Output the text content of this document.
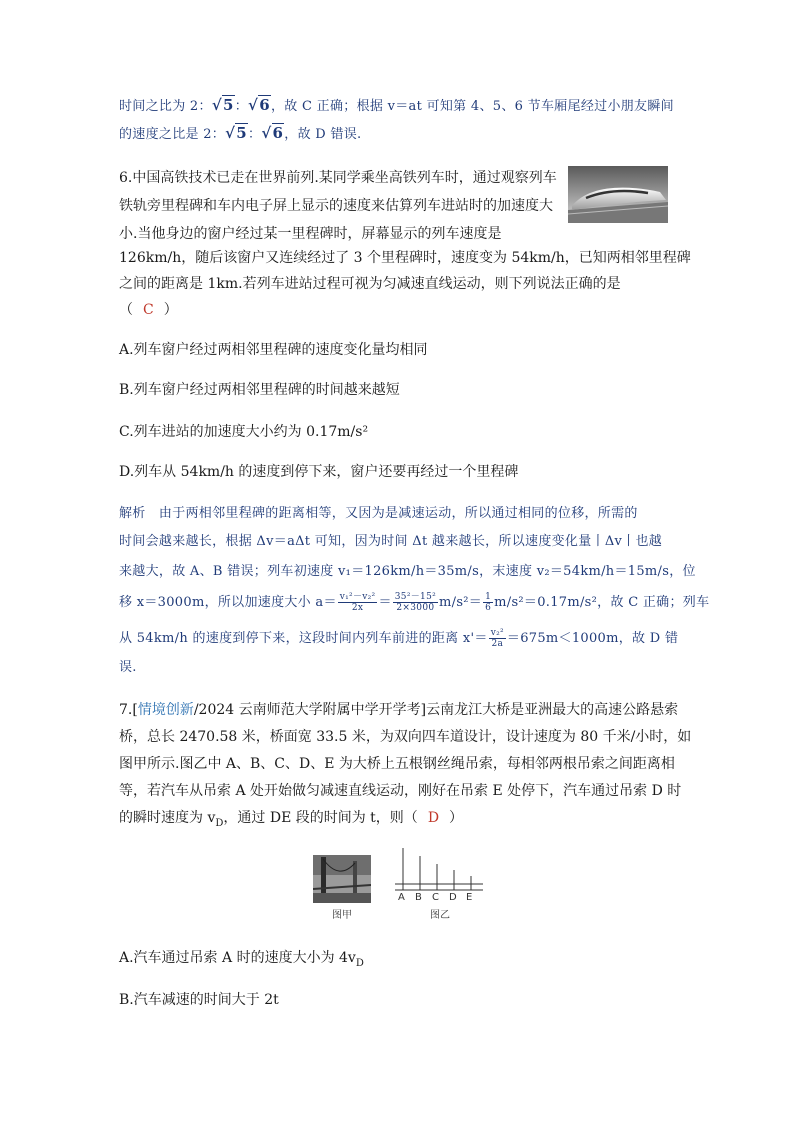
时间之比为 2：√5：√6，故 C 正确；根据 v＝at 可知第 4、5、6 节车厢尾经过小朋友瞬间
的速度之比是 2：√5：√6，故 D 错误.
6.中国高铁技术已走在世界前列.某同学乘坐高铁列车时，通过观察列车
铁轨旁里程碑和车内电子屏上显示的速度来估算列车进站时的加速度大
小.当他身边的窗户经过某一里程碑时，屏幕显示的列车速度是
126km/h，随后该窗户又连续经过了 3 个里程碑时，速度变为 54km/h，已知两相邻里程碑
之间的距离是 1km.若列车进站过程可视为匀减速直线运动，则下列说法正确的是
（ C ）
A.列车窗户经过两相邻里程碑的速度变化量均相同
B.列车窗户经过两相邻里程碑的时间越来越短
C.列车进站的加速度大小约为 0.17m/s²
D.列车从 54km/h 的速度到停下来，窗户还要再经过一个里程碑
解析　由于两相邻里程碑的距离相等，又因为是减速运动，所以通过相同的位移，所需的
时间会越来越长，根据 Δv＝aΔt 可知，因为时间 Δt 越来越长，所以速度变化量丨Δv丨也越
来越大，故 A、B 错误；列车初速度 v₁＝126km/h＝35m/s，末速度 v₂＝54km/h＝15m/s，位
移 x＝3000m，所以加速度大小 $a= \frac{\text{v₁²－v₂²}}{2x} = \frac{\text{35²－15²}}{2\times 3000} m/s^2= \frac{1}{6} m/s^2=0.17m/s^2$，故 C 正确；列车
从 54km/h 的速度到停下来，这段时间内列车前进的距离 $x'= \frac{\text{v₂²}}{2a} =675m<1000m$，故 D 错
误.
7.[情境创新/2024 云南师范大学附属中学开学考]云南龙江大桥是亚洲最大的高速公路悬索
桥，总长 2470.58 米，桥面宽 33.5 米，为双向四车道设计，设计速度为 80 千米/小时，如
图甲所示.图乙中 A、B、C、D、E 为大桥上五根钢丝绳吊索，每相邻两根吊索之间距离相
等，若汽车从吊索 A 处开始做匀减速直线运动，刚好在吊索 E 处停下，汽车通过吊索 D 时
的瞬时速度为 $v_D$，通过 DE 段的时间为 t，则（ D ）
图甲
A B C D E
图乙
A.汽车通过吊索 A 时的速度大小为 $4v_D$
B.汽车减速的时间大于 2t
